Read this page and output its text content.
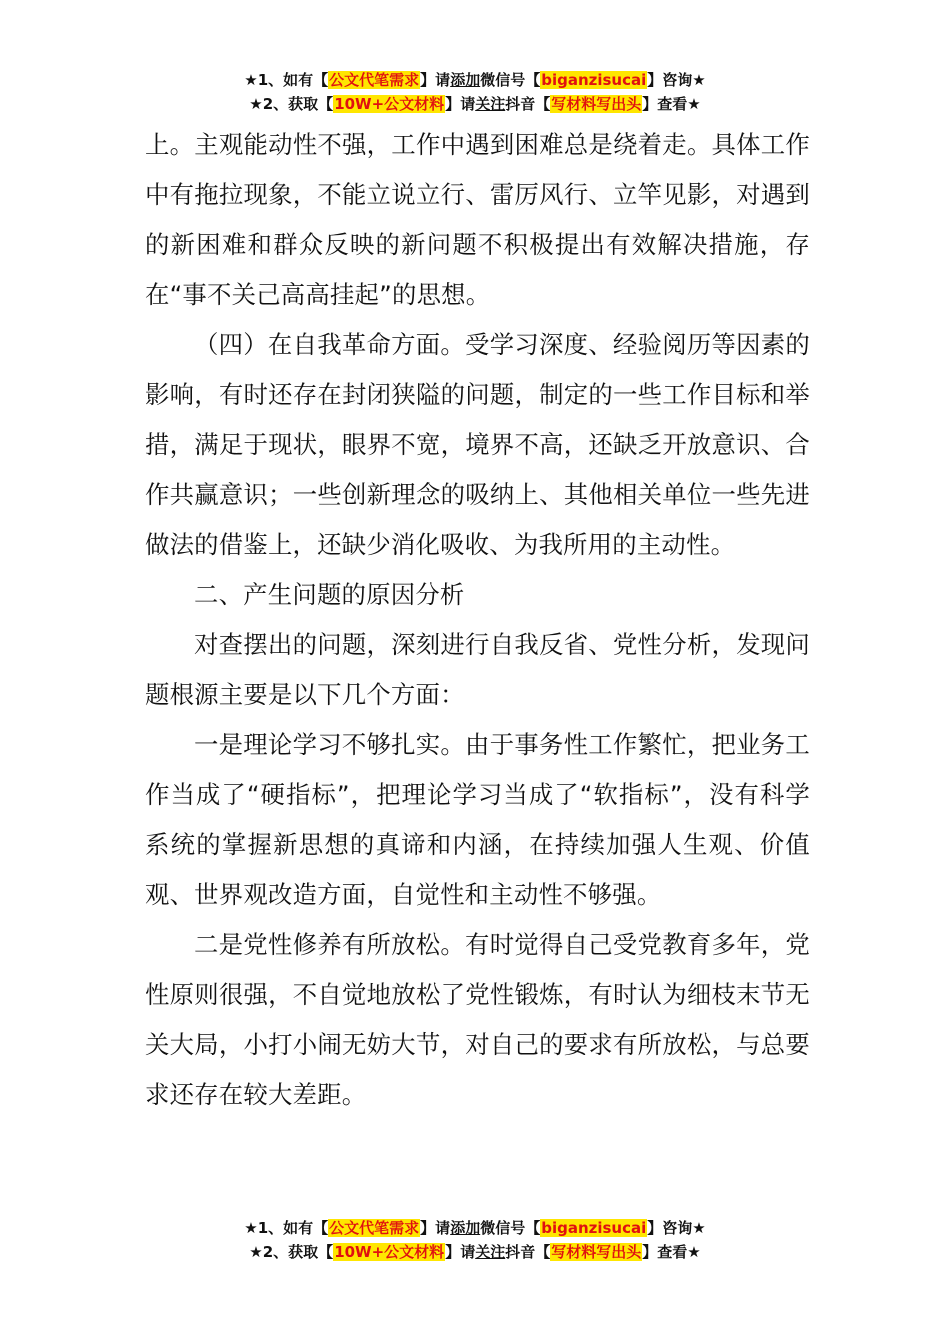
★1、如有【公文代笔需求】请添加微信号【biganzisucai】咨询★
★2、获取【10W+公文材料】请关注抖音【写材料写出头】查看★

上。主观能动性不强，工作中遇到困难总是绕着走。具体工作中有拖拉现象，不能立说立行、雷厉风行、立竿见影，对遇到的新困难和群众反映的新问题不积极提出有效解决措施，存在“事不关己高高挂起”的思想。

（四）在自我革命方面。受学习深度、经验阅历等因素的影响，有时还存在封闭狭隘的问题，制定的一些工作目标和举措，满足于现状，眼界不宽，境界不高，还缺乏开放意识、合作共赢意识；一些创新理念的吸纳上、其他相关单位一些先进做法的借鉴上，还缺少消化吸收、为我所用的主动性。

二、产生问题的原因分析

对查摆出的问题，深刻进行自我反省、党性分析，发现问题根源主要是以下几个方面：

一是理论学习不够扎实。由于事务性工作繁忙，把业务工作当成了“硬指标”，把理论学习当成了“软指标”，没有科学系统的掌握新思想的真谛和内涵，在持续加强人生观、价值观、世界观改造方面，自觉性和主动性不够强。

二是党性修养有所放松。有时觉得自己受党教育多年，党性原则很强，不自觉地放松了党性锻炼，有时认为细枝末节无关大局，小打小闹无妨大节，对自己的要求有所放松，与总要求还存在较大差距。

★1、如有【公文代笔需求】请添加微信号【biganzisucai】咨询★
★2、获取【10W+公文材料】请关注抖音【写材料写出头】查看★
